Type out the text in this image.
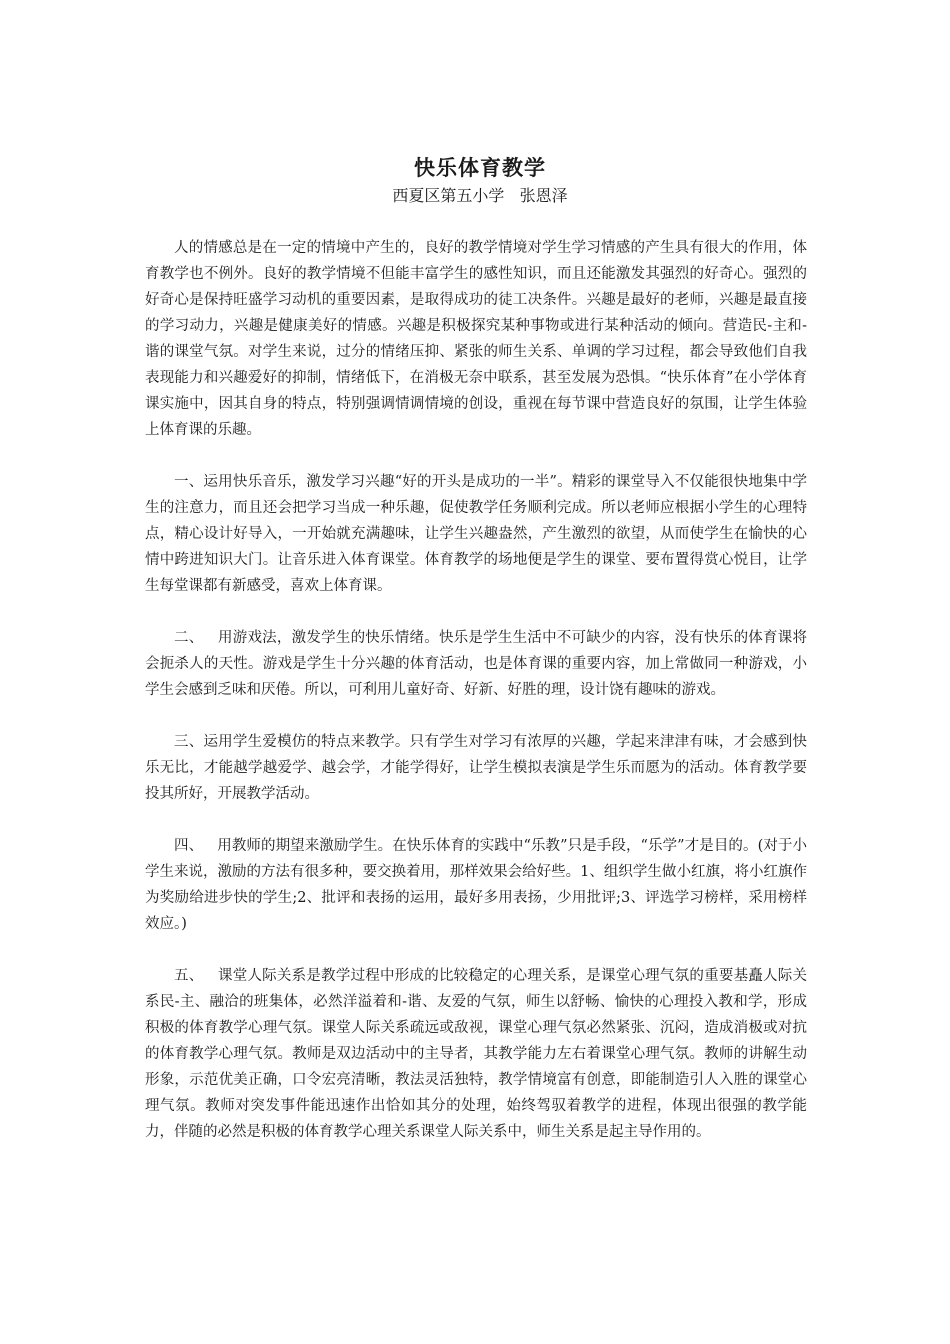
快乐体育教学

西夏区第五小学   张恩泽

人的情感总是在一定的情境中产生的，良好的教学情境对学生学习情感的产生具有很大的作用，体育教学也不例外。良好的教学情境不但能丰富学生的感性知识，而且还能激发其强烈的好奇心。强烈的好奇心是保持旺盛学习动机的重要因素，是取得成功的徒工决条件。兴趣是最好的老师，兴趣是最直接的学习动力，兴趣是健康美好的情感。兴趣是积极探究某种事物或进行某种活动的倾向。营造民-主和-谐的课堂气氛。对学生来说，过分的情绪压抑、紧张的师生关系、单调的学习过程，都会导致他们自我表现能力和兴趣爱好的抑制，情绪低下，在消极无奈中联系，甚至发展为恐惧。“快乐体育”在小学体育课实施中，因其自身的特点，特别强调情调情境的创设，重视在每节课中营造良好的氛围，让学生体验上体育课的乐趣。

一、运用快乐音乐，激发学习兴趣“好的开头是成功的一半”。精彩的课堂导入不仅能很快地集中学生的注意力，而且还会把学习当成一种乐趣，促使教学任务顺利完成。所以老师应根据小学生的心理特点，精心设计好导入，一开始就充满趣味，让学生兴趣盎然，产生激烈的欲望，从而使学生在愉快的心情中跨进知识大门。让音乐进入体育课堂。体育教学的场地便是学生的课堂、要布置得赏心悦目，让学生每堂课都有新感受，喜欢上体育课。

二、   用游戏法，激发学生的快乐情绪。快乐是学生生活中不可缺少的内容，没有快乐的体育课将会扼杀人的天性。游戏是学生十分兴趣的体育活动，也是体育课的重要内容，加上常做同一种游戏，小学生会感到乏味和厌倦。所以，可利用儿童好奇、好新、好胜的理，设计饶有趣味的游戏。

三、运用学生爱模仿的特点来教学。只有学生对学习有浓厚的兴趣，学起来津津有味，才会感到快乐无比，才能越学越爱学、越会学，才能学得好，让学生模拟表演是学生乐而愿为的活动。体育教学要投其所好，开展教学活动。

四、   用教师的期望来激励学生。在快乐体育的实践中“乐教”只是手段，“乐学”才是目的。(对于小学生来说，激励的方法有很多种，要交换着用，那样效果会给好些。1、组织学生做小红旗，将小红旗作为奖励给进步快的学生;2、批评和表扬的运用，最好多用表扬，少用批评;3、评选学习榜样，采用榜样效应。)

五、   课堂人际关系是教学过程中形成的比较稳定的心理关系，是课堂心理气氛的重要基矗人际关系民-主、融洽的班集体，必然洋溢着和-谐、友爱的气氛，师生以舒畅、愉快的心理投入教和学，形成积极的体育教学心理气氛。课堂人际关系疏远或敌视，课堂心理气氛必然紧张、沉闷，造成消极或对抗的体育教学心理气氛。教师是双边活动中的主导者，其教学能力左右着课堂心理气氛。教师的讲解生动形象，示范优美正确，口令宏亮清晰，教法灵活独特，教学情境富有创意，即能制造引人入胜的课堂心理气氛。教师对突发事件能迅速作出恰如其分的处理，始终驾驭着教学的进程，体现出很强的教学能力，伴随的必然是积极的体育教学心理关系课堂人际关系中，师生关系是起主导作用的。
